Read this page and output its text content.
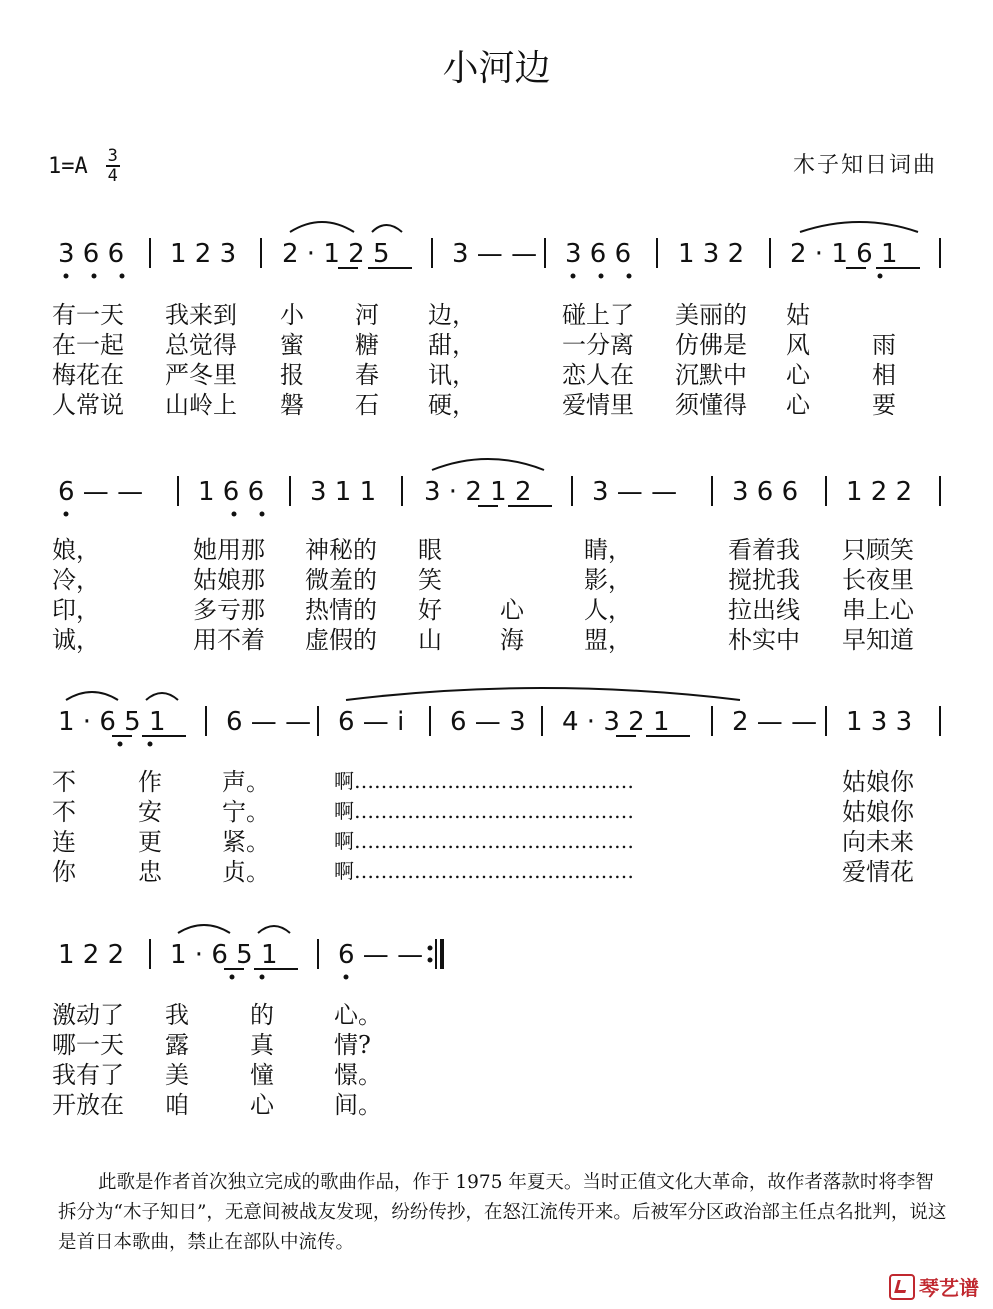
小河边
$1=A \frac{3}{4}$	木子知日词曲
3 6 6 1 2 3 2 · 1 2 5 3 — — 3 6 6 1 3 2 2 · 1 6 1
6 — — 1 6 6 3 1 1 3 · 2 1 2 3 — — 3 6 6 1 2 2
1 · 6 5 1 6 — — 6 — i 6 — 3 4 · 3 2 1 2 — — 1 3 3
1 2 2 1 · 6 5 1 6 — —
有一天 我来到 小 河 边，	碰上了 美丽的 姑
在一起 总觉得 蜜 糖 甜，	一分离 仿佛是 风	雨
梅花在 严冬里 报 春 讯，	恋人在 沉默中 心	相
人常说 山岭上 磐 石 硬，	爱情里 须懂得 心	要
娘，	她用那 神秘的 眼	睛，	看着我 只顾笑
冷，	姑娘那 微羞的 笑	影，	搅扰我 长夜里
印，	多亏那 热情的 好 心	人，	拉出线 串上心
诚，	用不着 虚假的 山 海	盟，	朴实中 早知道
不	作	声。	啊……………………………………	姑娘你
不	安	宁。	啊……………………………………	姑娘你
连	更	紧。	啊……………………………………	向未来
你	忠	贞。	啊……………………………………	爱情花
激动了 我	的	心。
哪一天 露	真	情?
我有了 美	憧	憬。
开放在 咱	心	间。
此歌是作者首次独立完成的歌曲作品，作于 1975 年夏天。当时正值文化大革命，故作者落款时将李智拆分为“木子知日”，无意间被战友发现，纷纷传抄，在怒江流传开来。后被军分区政治部主任点名批判，说这是首日本歌曲，禁止在部队中流传。
琴艺谱
